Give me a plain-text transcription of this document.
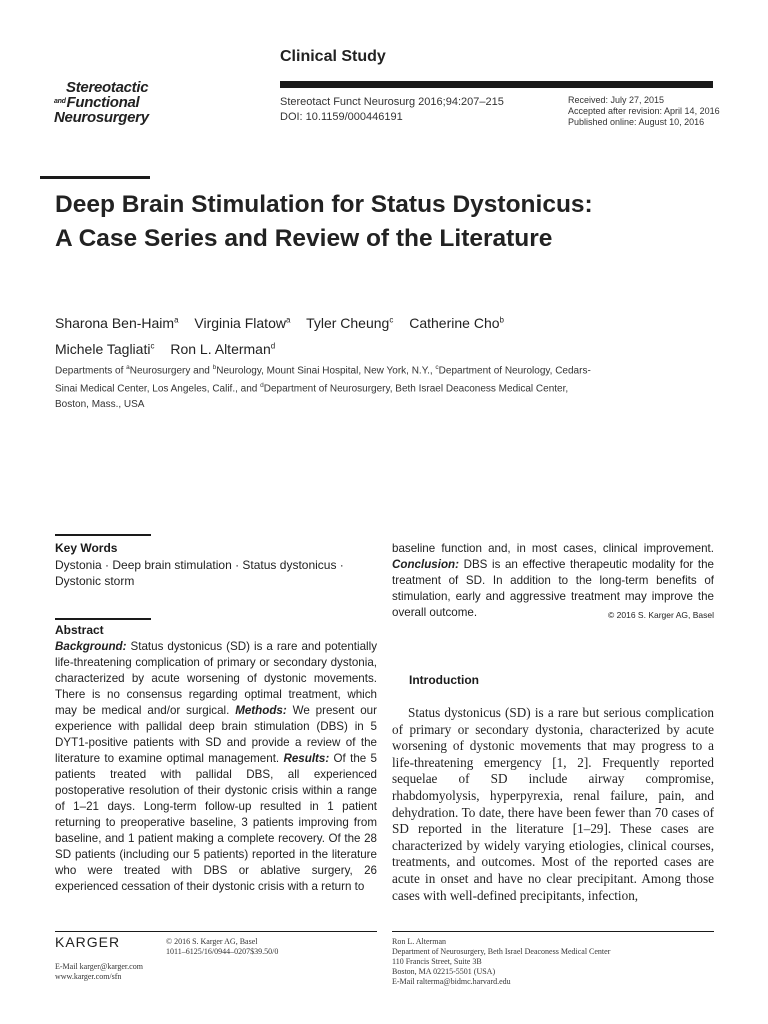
Stereotactic
$^{and}$Functional
Neurosurgery
Clinical Study
Stereotact Funct Neurosurg 2016;94:207–215
DOI: 10.1159/000446191
Received: July 27, 2015
Accepted after revision: April 14, 2016
Published online: August 10, 2016
Deep Brain Stimulation for Status Dystonicus: A Case Series and Review of the Literature
Sharona Ben-Haim$^a$ Virginia Flatow$^a$ Tyler Cheung$^c$ Catherine Cho$^b$
Michele Tagliati$^c$ Ron L. Alterman$^d$
Departments of $^a$Neurosurgery and $^b$Neurology, Mount Sinai Hospital, New York, N.Y., $^c$Department of Neurology, Cedars-Sinai Medical Center, Los Angeles, Calif., and $^d$Department of Neurosurgery, Beth Israel Deaconess Medical Center, Boston, Mass., USA
Key Words
Dystonia · Deep brain stimulation · Status dystonicus · Dystonic storm
Abstract
Background: Status dystonicus (SD) is a rare and potentially life-threatening complication of primary or secondary dystonia, characterized by acute worsening of dystonic movements. There is no consensus regarding optimal treatment, which may be medical and/or surgical. Methods: We present our experience with pallidal deep brain stimulation (DBS) in 5 DYT1-positive patients with SD and provide a review of the literature to examine optimal management. Results: Of the 5 patients treated with pallidal DBS, all experienced postoperative resolution of their dystonic crisis within a range of 1–21 days. Long-term follow-up resulted in 1 patient returning to preoperative baseline, 3 patients improving from baseline, and 1 patient making a complete recovery. Of the 28 SD patients (including our 5 patients) reported in the literature who were treated with DBS or ablative surgery, 26 experienced cessation of their dystonic crisis with a return to
baseline function and, in most cases, clinical improvement. Conclusion: DBS is an effective therapeutic modality for the treatment of SD. In addition to the long-term benefits of stimulation, early and aggressive treatment may improve the overall outcome.	© 2016 S. Karger AG, Basel
Introduction
Status dystonicus (SD) is a rare but serious complication of primary or secondary dystonia, characterized by acute worsening of dystonic movements that may progress to a life-threatening emergency [1, 2]. Frequently reported sequelae of SD include airway compromise, rhabdomyolysis, hyperpyrexia, renal failure, pain, and dehydration. To date, there have been fewer than 70 cases of SD reported in the literature [1–29]. These cases are characterized by widely varying etiologies, clinical courses, treatments, and outcomes. Most of the reported cases are acute in onset and have no clear precipitant. Among those cases with well-defined precipitants, infection,
KARGER	© 2016 S. Karger AG, Basel
1011–6125/16/0944–0207$39.50/0
E-Mail karger@karger.com
www.karger.com/sfn
Ron L. Alterman
Department of Neurosurgery, Beth Israel Deaconess Medical Center
110 Francis Street, Suite 3B
Boston, MA 02215-5501 (USA)
E-Mail ralterma@bidmc.harvard.edu
